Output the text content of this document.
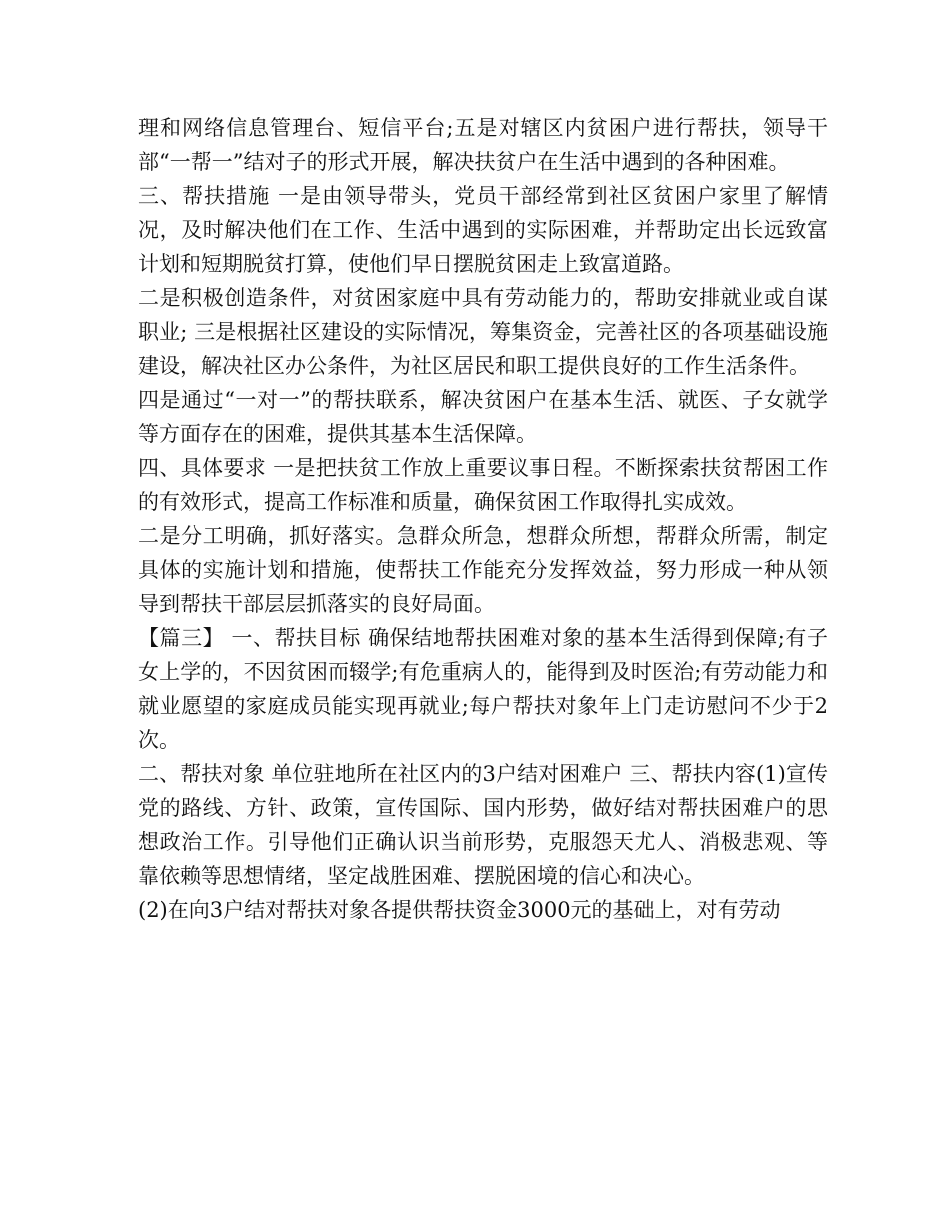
理和网络信息管理台、短信平台;五是对辖区内贫困户进行帮扶，领导干部“一帮一”结对子的形式开展，解决扶贫户在生活中遇到的各种困难。

三、帮扶措施 一是由领导带头，党员干部经常到社区贫困户家里了解情况，及时解决他们在工作、生活中遇到的实际困难，并帮助定出长远致富计划和短期脱贫打算，使他们早日摆脱贫困走上致富道路。

二是积极创造条件，对贫困家庭中具有劳动能力的，帮助安排就业或自谋职业; 三是根据社区建设的实际情况，筹集资金，完善社区的各项基础设施建设，解决社区办公条件，为社区居民和职工提供良好的工作生活条件。

四是通过“一对一”的帮扶联系，解决贫困户在基本生活、就医、子女就学等方面存在的困难，提供其基本生活保障。

四、具体要求 一是把扶贫工作放上重要议事日程。不断探索扶贫帮困工作的有效形式，提高工作标准和质量，确保贫困工作取得扎实成效。

二是分工明确，抓好落实。急群众所急，想群众所想，帮群众所需，制定具体的实施计划和措施，使帮扶工作能充分发挥效益，努力形成一种从领导到帮扶干部层层抓落实的良好局面。

【篇三】 一、帮扶目标 确保结地帮扶困难对象的基本生活得到保障;有子女上学的，不因贫困而辍学;有危重病人的，能得到及时医治;有劳动能力和就业愿望的家庭成员能实现再就业;每户帮扶对象年上门走访慰问不少于2次。

二、帮扶对象 单位驻地所在社区内的3户结对困难户 三、帮扶内容(1)宣传党的路线、方针、政策，宣传国际、国内形势，做好结对帮扶困难户的思想政治工作。引导他们正确认识当前形势，克服怨天尤人、消极悲观、等靠依赖等思想情绪，坚定战胜困难、摆脱困境的信心和决心。

(2)在向3户结对帮扶对象各提供帮扶资金3000元的基础上，对有劳动
